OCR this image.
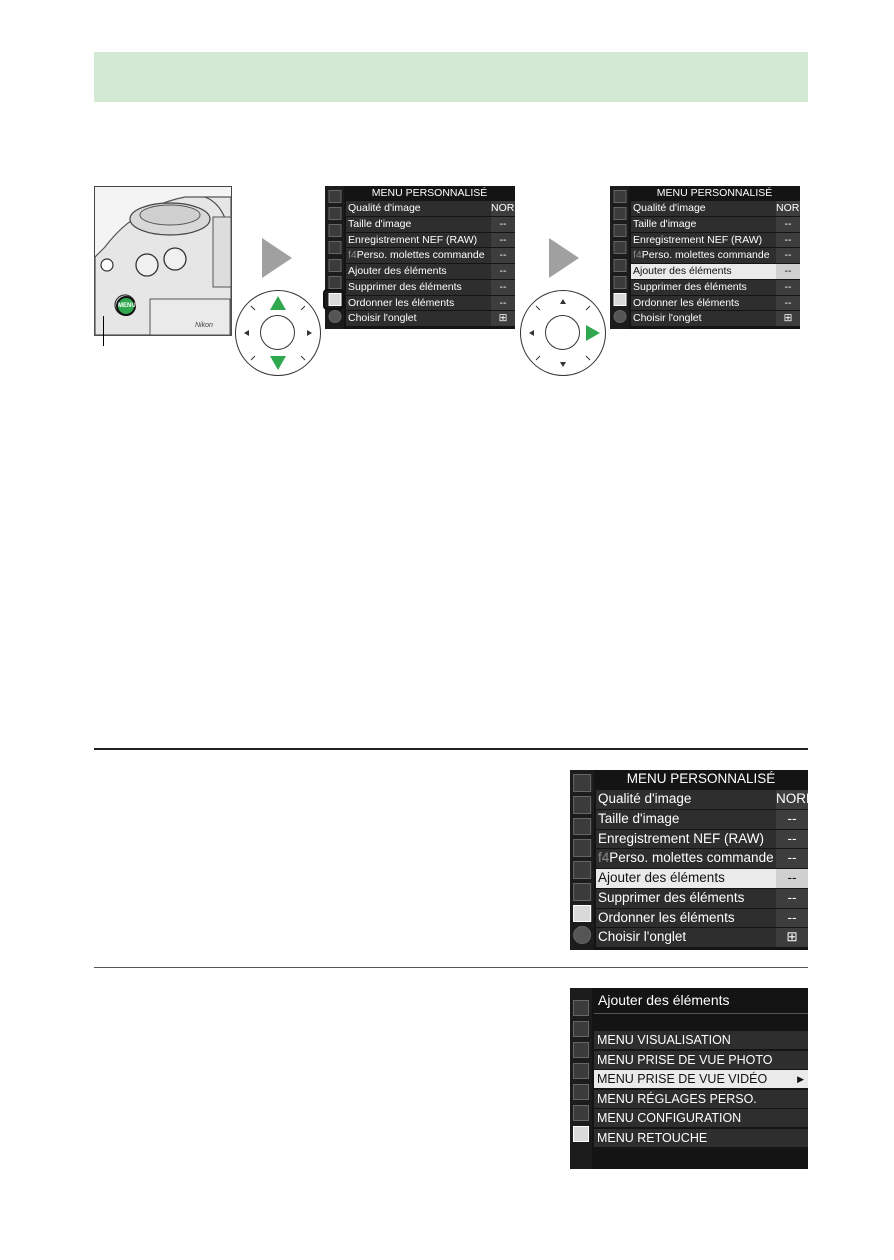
MENU
Nikon
MENU PERSONNALISÉ
Qualité d'image	NORM
Taille d'image	--
Enregistrement NEF (RAW)	--
f4Perso. molettes commande	--
Ajouter des éléments	--
Supprimer des éléments	--
Ordonner les éléments	--
Choisir l'onglet	⊞
MENU PERSONNALISÉ
Qualité d'image	NORM
Taille d'image	--
Enregistrement NEF (RAW)	--
f4Perso. molettes commande	--
Ajouter des éléments	--
Supprimer des éléments	--
Ordonner les éléments	--
Choisir l'onglet	⊞
MENU PERSONNALISÉ
Qualité d'image	NORM
Taille d'image	--
Enregistrement NEF (RAW)	--
f4Perso. molettes commande	--
Ajouter des éléments	--
Supprimer des éléments	--
Ordonner les éléments	--
Choisir l'onglet	⊞
Ajouter des éléments
MENU VISUALISATION
MENU PRISE DE VUE PHOTO
MENU PRISE DE VUE VIDÉO	▶
MENU RÉGLAGES PERSO.
MENU CONFIGURATION
MENU RETOUCHE
